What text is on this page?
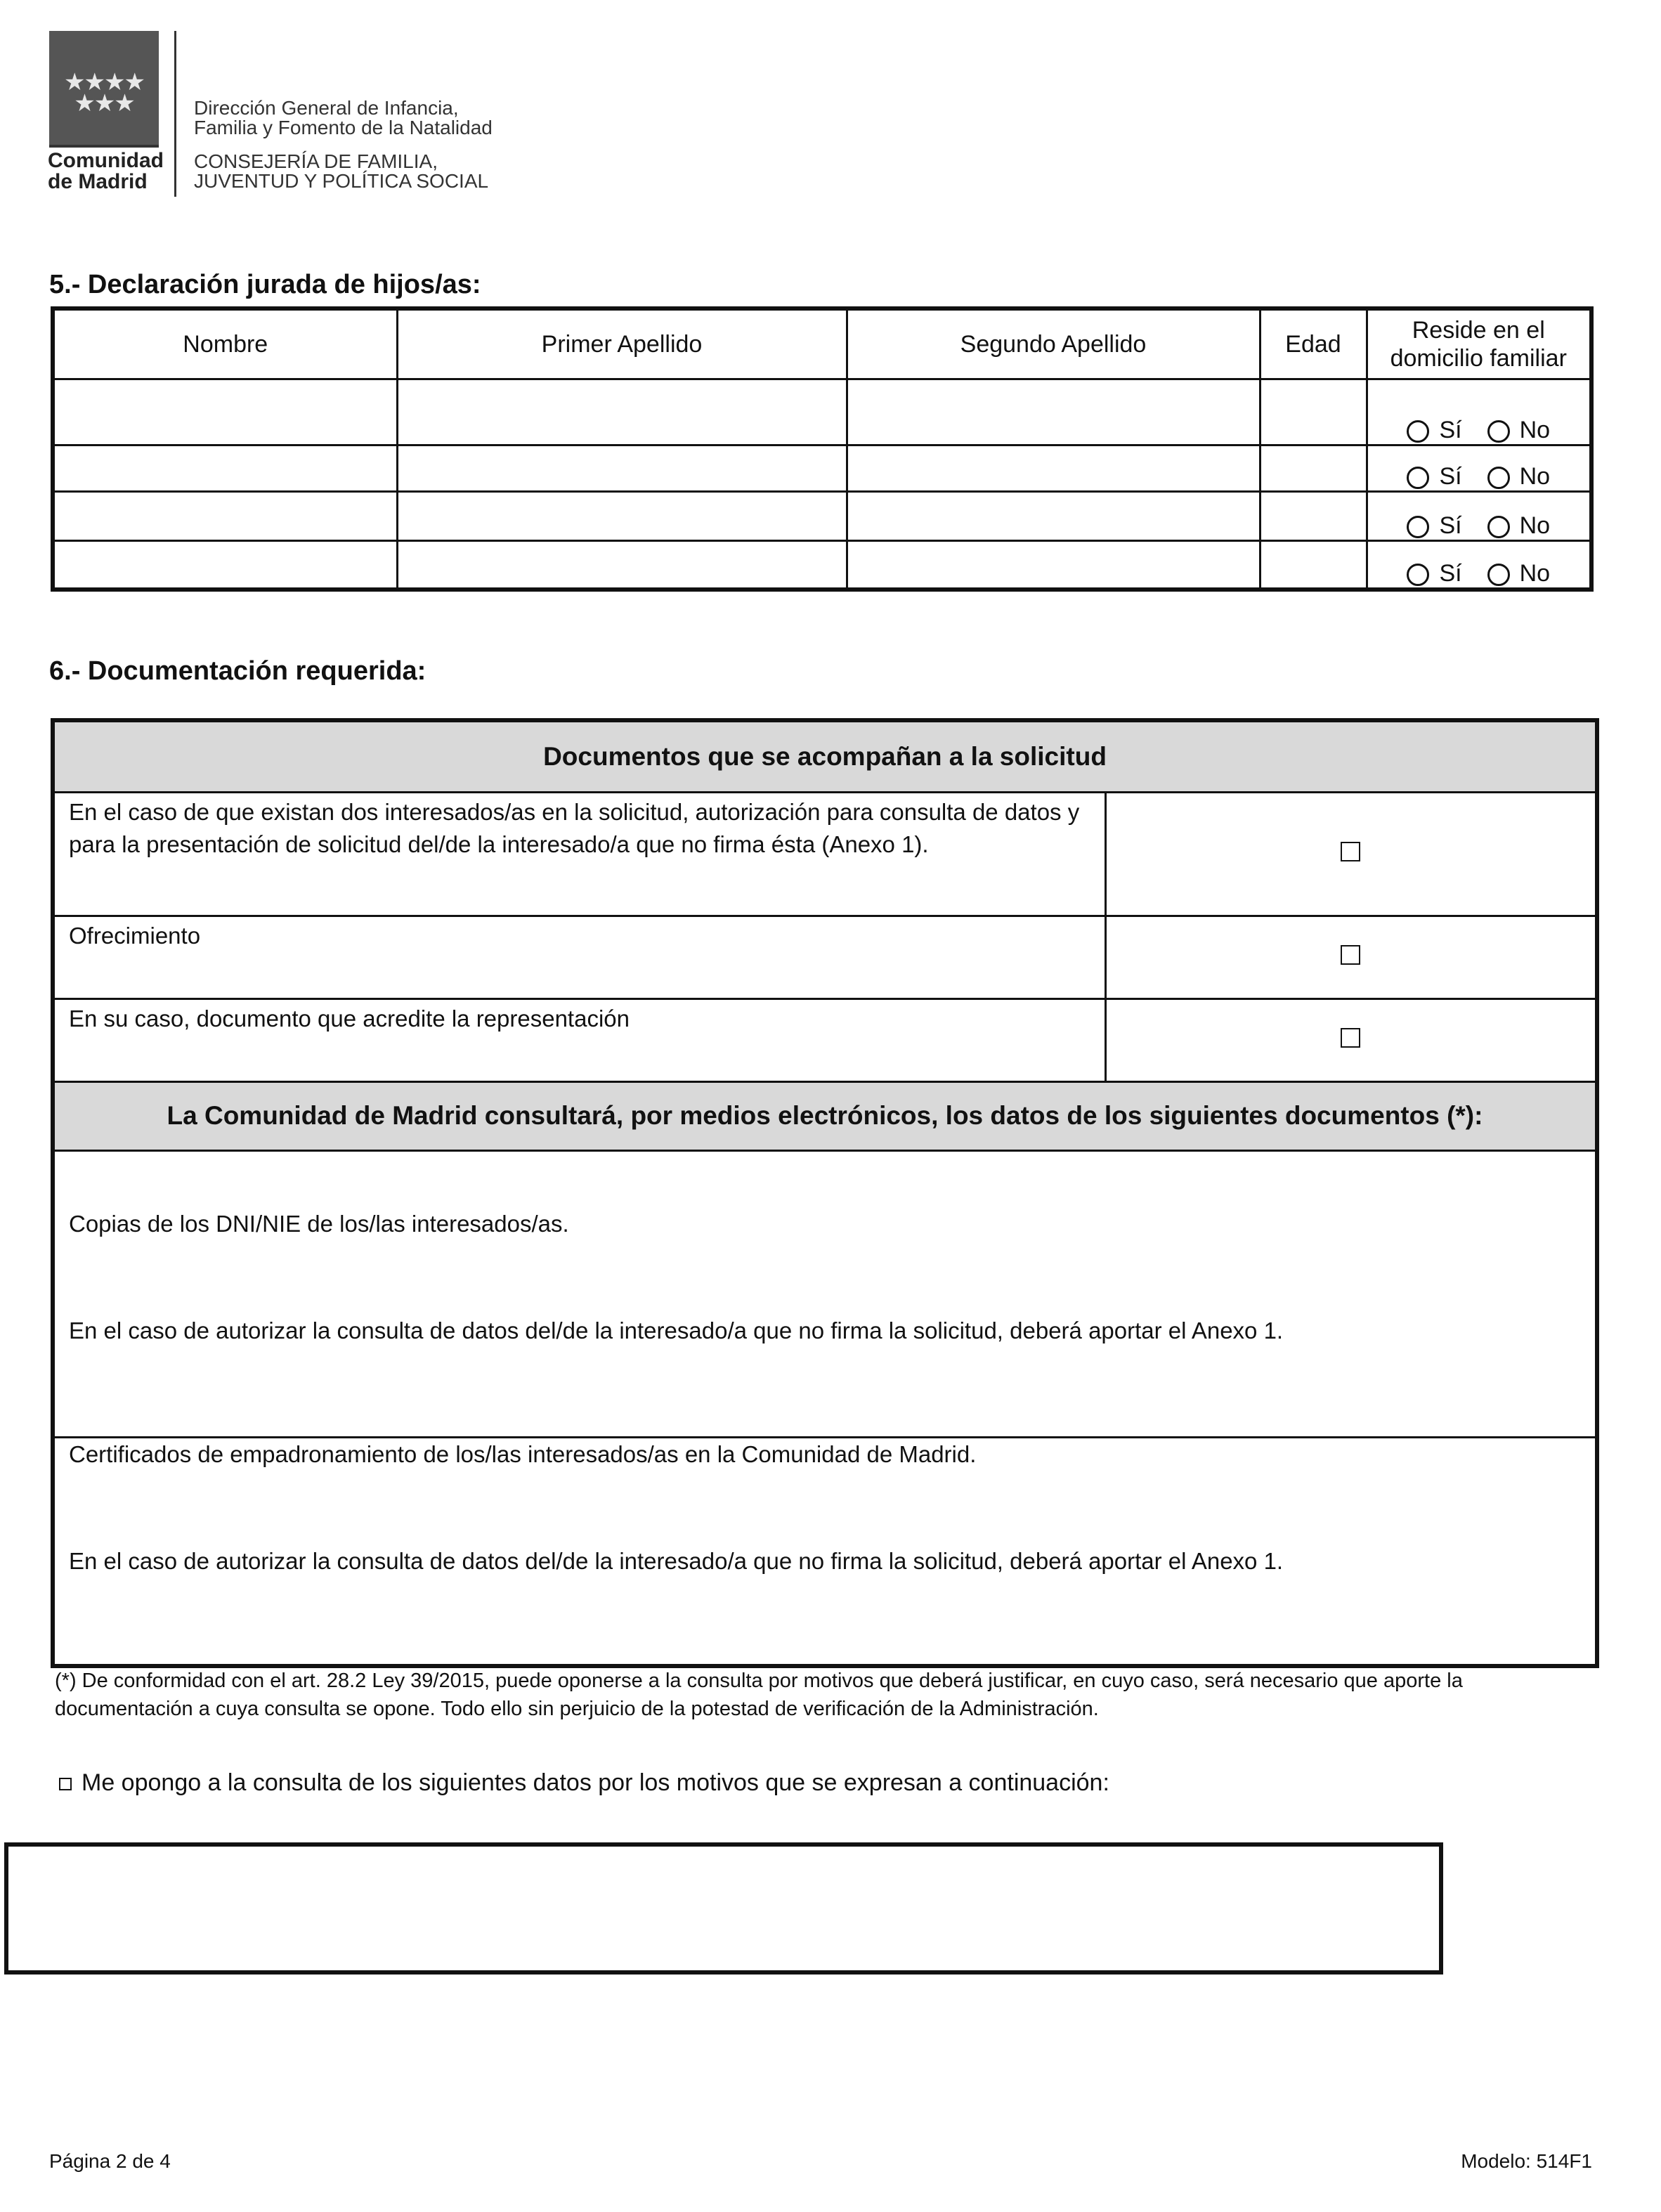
★★★★
★★★
Comunidad
de Madrid
Dirección General de Infancia,
Familia y Fomento de la Natalidad
CONSEJERÍA DE FAMILIA,
JUVENTUD Y POLÍTICA SOCIAL
5.- Declaración jurada de hijos/as:
Nombre	Primer Apellido	Segundo Apellido	Edad	Reside en el domicilio familiar
				Sí No
				Sí No
				Sí No
				Sí No
6.- Documentación requerida:
Documentos que se acompañan a la solicitud	
En el caso de que existan dos interesados/as en la solicitud, autorización para consulta de datos y para la presentación de solicitud del/de la interesado/a que no firma ésta (Anexo 1).	
Ofrecimiento	
En su caso, documento que acredite la representación	
La Comunidad de Madrid consultará, por medios electrónicos, los datos de los siguientes documentos (*):	

Copias de los DNI/NIE de los/las interesados/as.
En el caso de autorizar la consulta de datos del/de la interesado/a que no firma la solicitud, deberá aportar el Anexo 1.	

Certificados de empadronamiento de los/las interesados/as en la Comunidad de Madrid.
En el caso de autorizar la consulta de datos del/de la interesado/a que no firma la solicitud, deberá aportar el Anexo 1.	
(*) De conformidad con el art. 28.2 Ley 39/2015, puede oponerse a la consulta por motivos que deberá justificar, en cuyo caso, será necesario que aporte la documentación a cuya consulta se opone. Todo ello sin perjuicio de la potestad de verificación de la Administración.
Me opongo a la consulta de los siguientes datos por los motivos que se expresan a continuación:
Página 2 de 4	Modelo: 514F1
